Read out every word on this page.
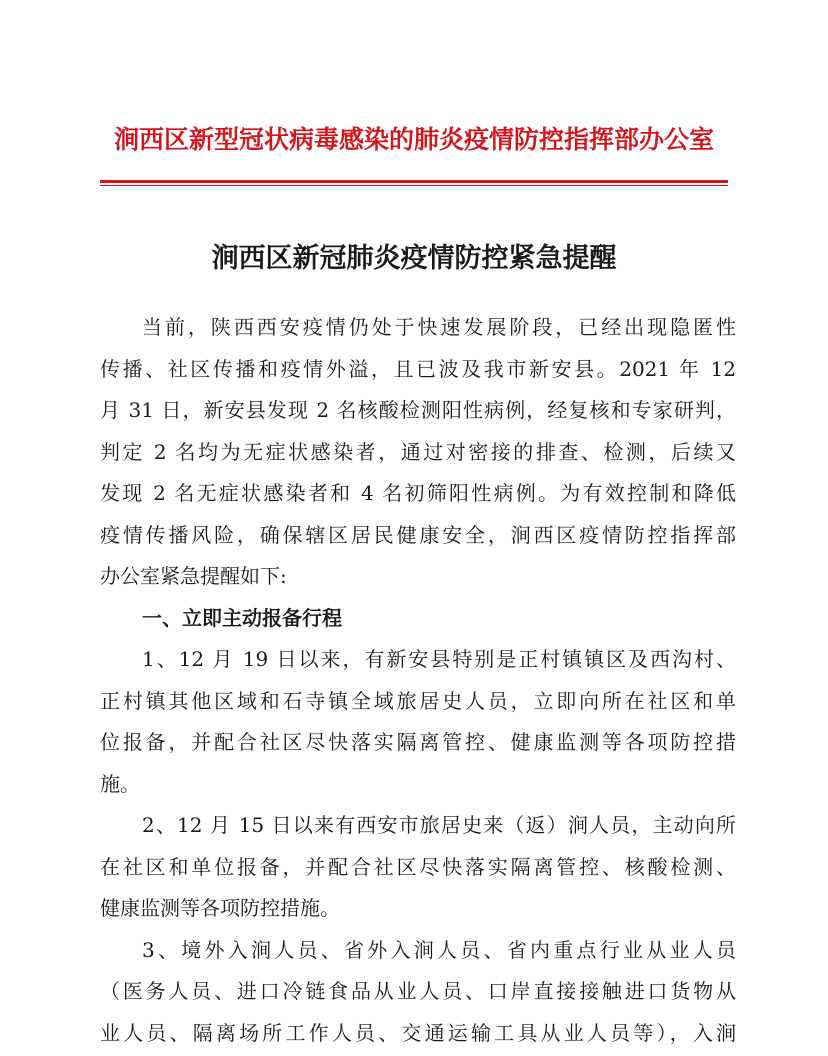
涧西区新型冠状病毒感染的肺炎疫情防控指挥部办公室
涧西区新冠肺炎疫情防控紧急提醒
当前，陕西西安疫情仍处于快速发展阶段，已经出现隐匿性
传播、社区传播和疫情外溢，且已波及我市新安县。2021 年 12
月 31 日，新安县发现 2 名核酸检测阳性病例，经复核和专家研判，
判定 2 名均为无症状感染者，通过对密接的排查、检测，后续又
发现 2 名无症状感染者和 4 名初筛阳性病例。为有效控制和降低
疫情传播风险，确保辖区居民健康安全，涧西区疫情防控指挥部
办公室紧急提醒如下:
一、立即主动报备行程
1、12 月 19 日以来，有新安县特别是正村镇镇区及西沟村、
正村镇其他区域和石寺镇全域旅居史人员，立即向所在社区和单
位报备，并配合社区尽快落实隔离管控、健康监测等各项防控措
施。
2、12 月 15 日以来有西安市旅居史来（返）涧人员，主动向所
在社区和单位报备，并配合社区尽快落实隔离管控、核酸检测、
健康监测等各项防控措施。
3、境外入涧人员、省外入涧人员、省内重点行业从业人员
（医务人员、进口冷链食品从业人员、口岸直接接触进口货物从
业人员、隔离场所工作人员、交通运输工具从业人员等），入涧
